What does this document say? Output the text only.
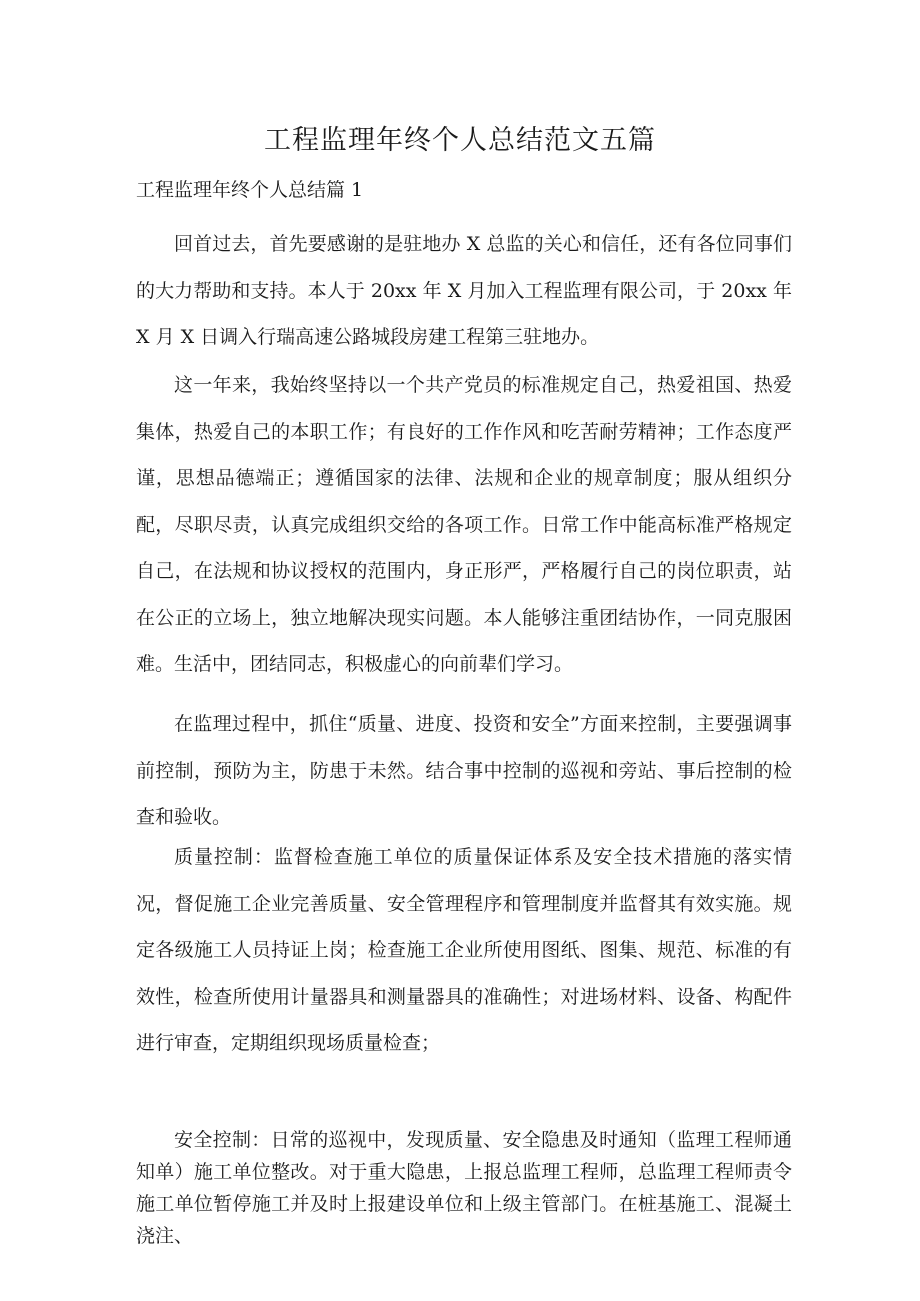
工程监理年终个人总结范文五篇
工程监理年终个人总结篇 1

回首过去，首先要感谢的是驻地办 X 总监的关心和信任，还有各位同事们的大力帮助和支持。本人于 20xx 年 X 月加入工程监理有限公司，于 20xx 年 X 月 X 日调入行瑞高速公路城段房建工程第三驻地办。

这一年来，我始终坚持以一个共产党员的标准规定自己，热爱祖国、热爱集体，热爱自己的本职工作；有良好的工作作风和吃苦耐劳精神；工作态度严谨，思想品德端正；遵循国家的法律、法规和企业的规章制度；服从组织分配，尽职尽责，认真完成组织交给的各项工作。日常工作中能高标准严格规定自己，在法规和协议授权的范围内，身正形严，严格履行自己的岗位职责，站在公正的立场上，独立地解决现实问题。本人能够注重团结协作，一同克服困难。生活中，团结同志，积极虚心的向前辈们学习。

在监理过程中，抓住“质量、进度、投资和安全”方面来控制，主要强调事前控制，预防为主，防患于未然。结合事中控制的巡视和旁站、事后控制的检查和验收。

质量控制：监督检查施工单位的质量保证体系及安全技术措施的落实情况，督促施工企业完善质量、安全管理程序和管理制度并监督其有效实施。规定各级施工人员持证上岗；检查施工企业所使用图纸、图集、规范、标准的有效性，检查所使用计量器具和测量器具的准确性；对进场材料、设备、构配件进行审查，定期组织现场质量检查；

安全控制：日常的巡视中，发现质量、安全隐患及时通知（监理工程师通知单）施工单位整改。对于重大隐患，上报总监理工程师，总监理工程师责令施工单位暂停施工并及时上报建设单位和上级主管部门。在桩基施工、混凝土浇注、
